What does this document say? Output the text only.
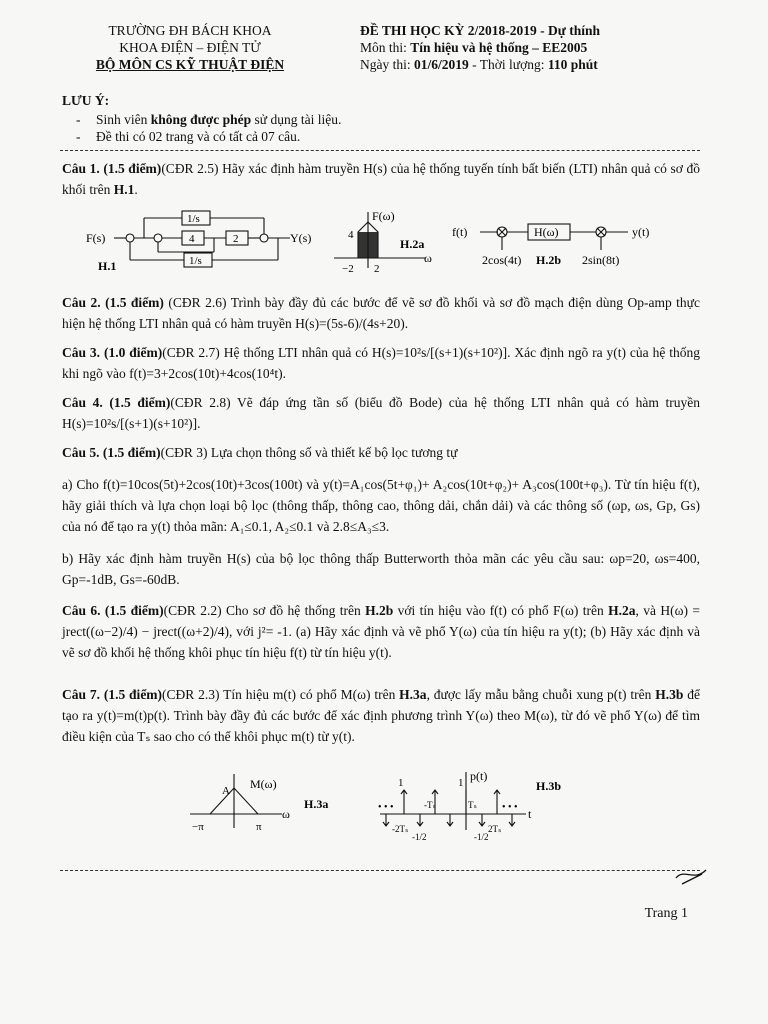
TRƯỜNG ĐH BÁCH KHOA
KHOA ĐIỆN – ĐIỆN TỬ
BỘ MÔN CS KỸ THUẬT ĐIỆN
ĐỀ THI HỌC KỲ 2/2018-2019 - Dự thính
Môn thi: Tín hiệu và hệ thống – EE2005
Ngày thi: 01/6/2019 - Thời lượng: 110 phút
LƯU Ý:
- Sinh viên không được phép sử dụng tài liệu.
- Đề thi có 02 trang và có tất cả 07 câu.
Câu 1. (1.5 điểm)(CĐR 2.5) Hãy xác định hàm truyền H(s) của hệ thống tuyến tính bất biến (LTI) nhân quả có sơ đồ khối trên H.1.
F(s)	Y(s)
1/s
4	2
1/s
H.1
F(ω)
4
−2 2
ω
H.2a
f(t)	H(ω)	y(t)
2cos(4t) H.2b 2sin(8t)
Câu 2. (1.5 điểm) (CĐR 2.6) Trình bày đầy đủ các bước để vẽ sơ đồ khối và sơ đồ mạch điện dùng Op-amp thực hiện hệ thống LTI nhân quả có hàm truyền H(s)=(5s-6)/(4s+20).
Câu 3. (1.0 điểm)(CĐR 2.7) Hệ thống LTI nhân quả có H(s)=10²s/[(s+1)(s+10²)]. Xác định ngõ ra y(t) của hệ thống khi ngõ vào f(t)=3+2cos(10t)+4cos(10⁴t).
Câu 4. (1.5 điểm)(CĐR 2.8) Vẽ đáp ứng tần số (biểu đồ Bode) của hệ thống LTI nhân quả có hàm truyền H(s)=10²s/[(s+1)(s+10²)].
Câu 5. (1.5 điểm)(CĐR 3) Lựa chọn thông số và thiết kế bộ lọc tương tự
a) Cho f(t)=10cos(5t)+2cos(10t)+3cos(100t) và y(t)=A₁cos(5t+φ₁)+ A₂cos(10t+φ₂)+ A₃cos(100t+φ₃). Từ tín hiệu f(t), hãy giải thích và lựa chọn loại bộ lọc (thông thấp, thông cao, thông dải, chắn dải) và các thông số (ωp, ωs, Gp, Gs) của nó để tạo ra y(t) thỏa mãn: A₁≤0.1, A₂≤0.1 và 2.8≤A₃≤3.
b) Hãy xác định hàm truyền H(s) của bộ lọc thông thấp Butterworth thỏa mãn các yêu cầu sau: ωp=20, ωs=400, Gp=-1dB, Gs=-60dB.
Câu 6. (1.5 điểm)(CĐR 2.2) Cho sơ đồ hệ thống trên H.2b với tín hiệu vào f(t) có phổ F(ω) trên H.2a, và H(ω) = jrect((ω−2)/4) − jrect((ω+2)/4), với j²= -1. (a) Hãy xác định và vẽ phổ Y(ω) của tín hiệu ra y(t); (b) Hãy xác định và vẽ sơ đồ khối hệ thống khôi phục tín hiệu f(t) từ tín hiệu y(t).
Câu 7. (1.5 điểm)(CĐR 2.3) Tín hiệu m(t) có phổ M(ω) trên H.3a, được lấy mẫu bằng chuỗi xung p(t) trên H.3b để tạo ra y(t)=m(t)p(t). Trình bày đầy đủ các bước để xác định phương trình Y(ω) theo M(ω), từ đó vẽ phổ Y(ω) để tìm điều kiện của Tₛ sao cho có thể khôi phục m(t) từ y(t).
A M(ω)
−π	π
ω
H.3a	• • •	• • •
1	1 p(t)
-2Tₛ
-Tₛ	Tₛ
2Tₛ
-1/2	-1/2
t
H.3b
Trang 1
